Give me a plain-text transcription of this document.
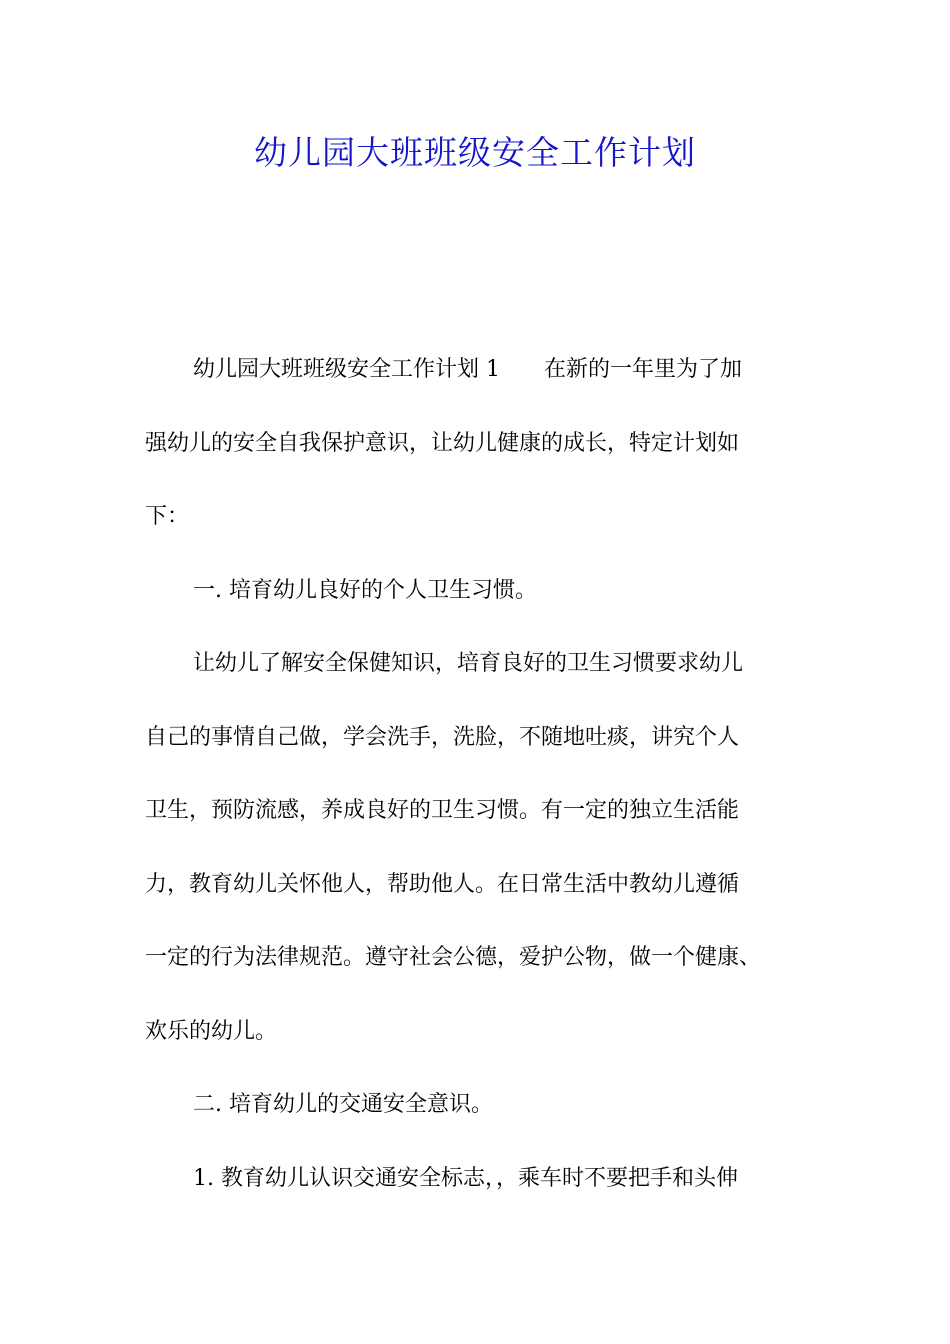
幼儿园大班班级安全工作计划
幼儿园大班班级安全工作计划 1 在新的一年里为了加
强幼儿的安全自我保护意识，让幼儿健康的成长，特定计划如
下：
一. 培育幼儿良好的个人卫生习惯。
让幼儿了解安全保健知识，培育良好的卫生习惯要求幼儿
自己的事情自己做，学会洗手，洗脸，不随地吐痰，讲究个人
卫生，预防流感，养成良好的卫生习惯。有一定的独立生活能
力，教育幼儿关怀他人，帮助他人。在日常生活中教幼儿遵循
一定的行为法律规范。遵守社会公德，爱护公物，做一个健康、
欢乐的幼儿。
二. 培育幼儿的交通安全意识。
1. 教育幼儿认识交通安全标志，，乘车时不要把手和头伸
